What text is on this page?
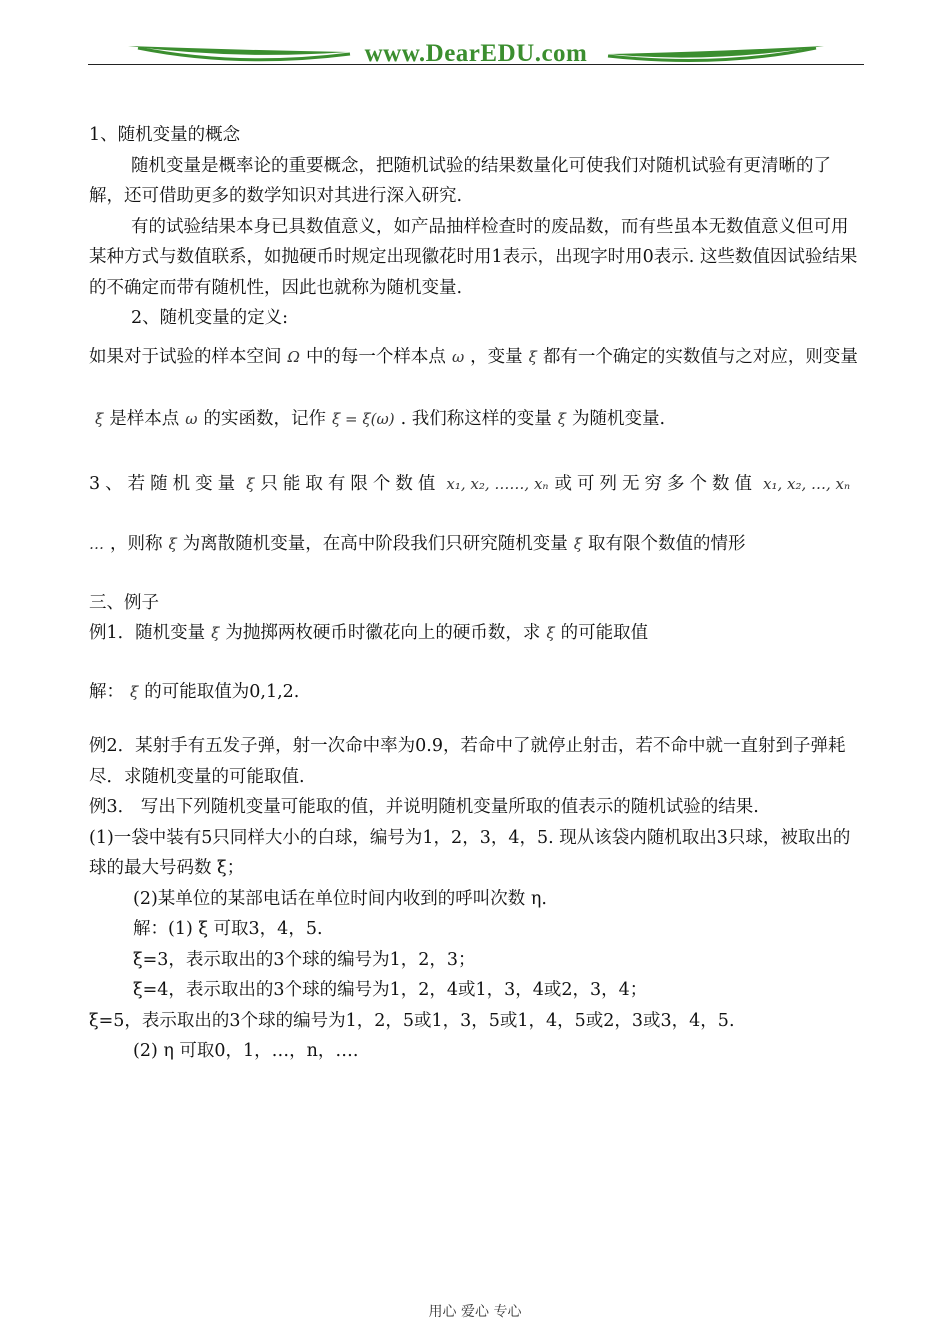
www.DearEDU.com

1、随机变量的概念

随机变量是概率论的重要概念，把随机试验的结果数量化可使我们对随机试验有更清晰的了解，还可借助更多的数学知识对其进行深入研究.

有的试验结果本身已具数值意义，如产品抽样检查时的废品数，而有些虽本无数值意义但可用某种方式与数值联系，如抛硬币时规定出现徽花时用1表示，出现字时用0表示. 这些数值因试验结果的不确定而带有随机性，因此也就称为随机变量.

2、随机变量的定义:

如果对于试验的样本空间 Ω 中的每一个样本点 ω ，变量 ξ 都有一个确定的实数值与之对应，则变量ξ 是样本点 ω 的实函数，记作 ξ = ξ(ω) . 我们称这样的变量 ξ 为随机变量.

3、若随机变量 ξ 只能取有限个数值 x₁, x₂, ……, xₙ 或可列无穷多个数值 x₁, x₂, …, xₙ … ，则称 ξ 为离散随机变量，在高中阶段我们只研究随机变量 ξ 取有限个数值的情形

三、例子

例1．随机变量 ξ 为抛掷两枚硬币时徽花向上的硬币数，求 ξ 的可能取值

解： ξ 的可能取值为0,1,2.

例2．某射手有五发子弹，射一次命中率为0.9，若命中了就停止射击，若不命中就一直射到子弹耗尽．求随机变量的可能取值.

例3． 写出下列随机变量可能取的值，并说明随机变量所取的值表示的随机试验的结果.

(1)一袋中装有5只同样大小的白球，编号为1，2，3，4，5. 现从该袋内随机取出3只球，被取出的球的最大号码数 ξ；

(2)某单位的某部电话在单位时间内收到的呼叫次数 η.

解：(1) ξ 可取3，4，5.

ξ=3，表示取出的3个球的编号为1，2，3；

ξ=4，表示取出的3个球的编号为1，2，4或1，3，4或2，3，4；

ξ=5，表示取出的3个球的编号为1，2，5或1，3，5或1，4，5或2，3或3，4，5.

(2) η 可取0，1，…，n，….

用心 爱心 专心
